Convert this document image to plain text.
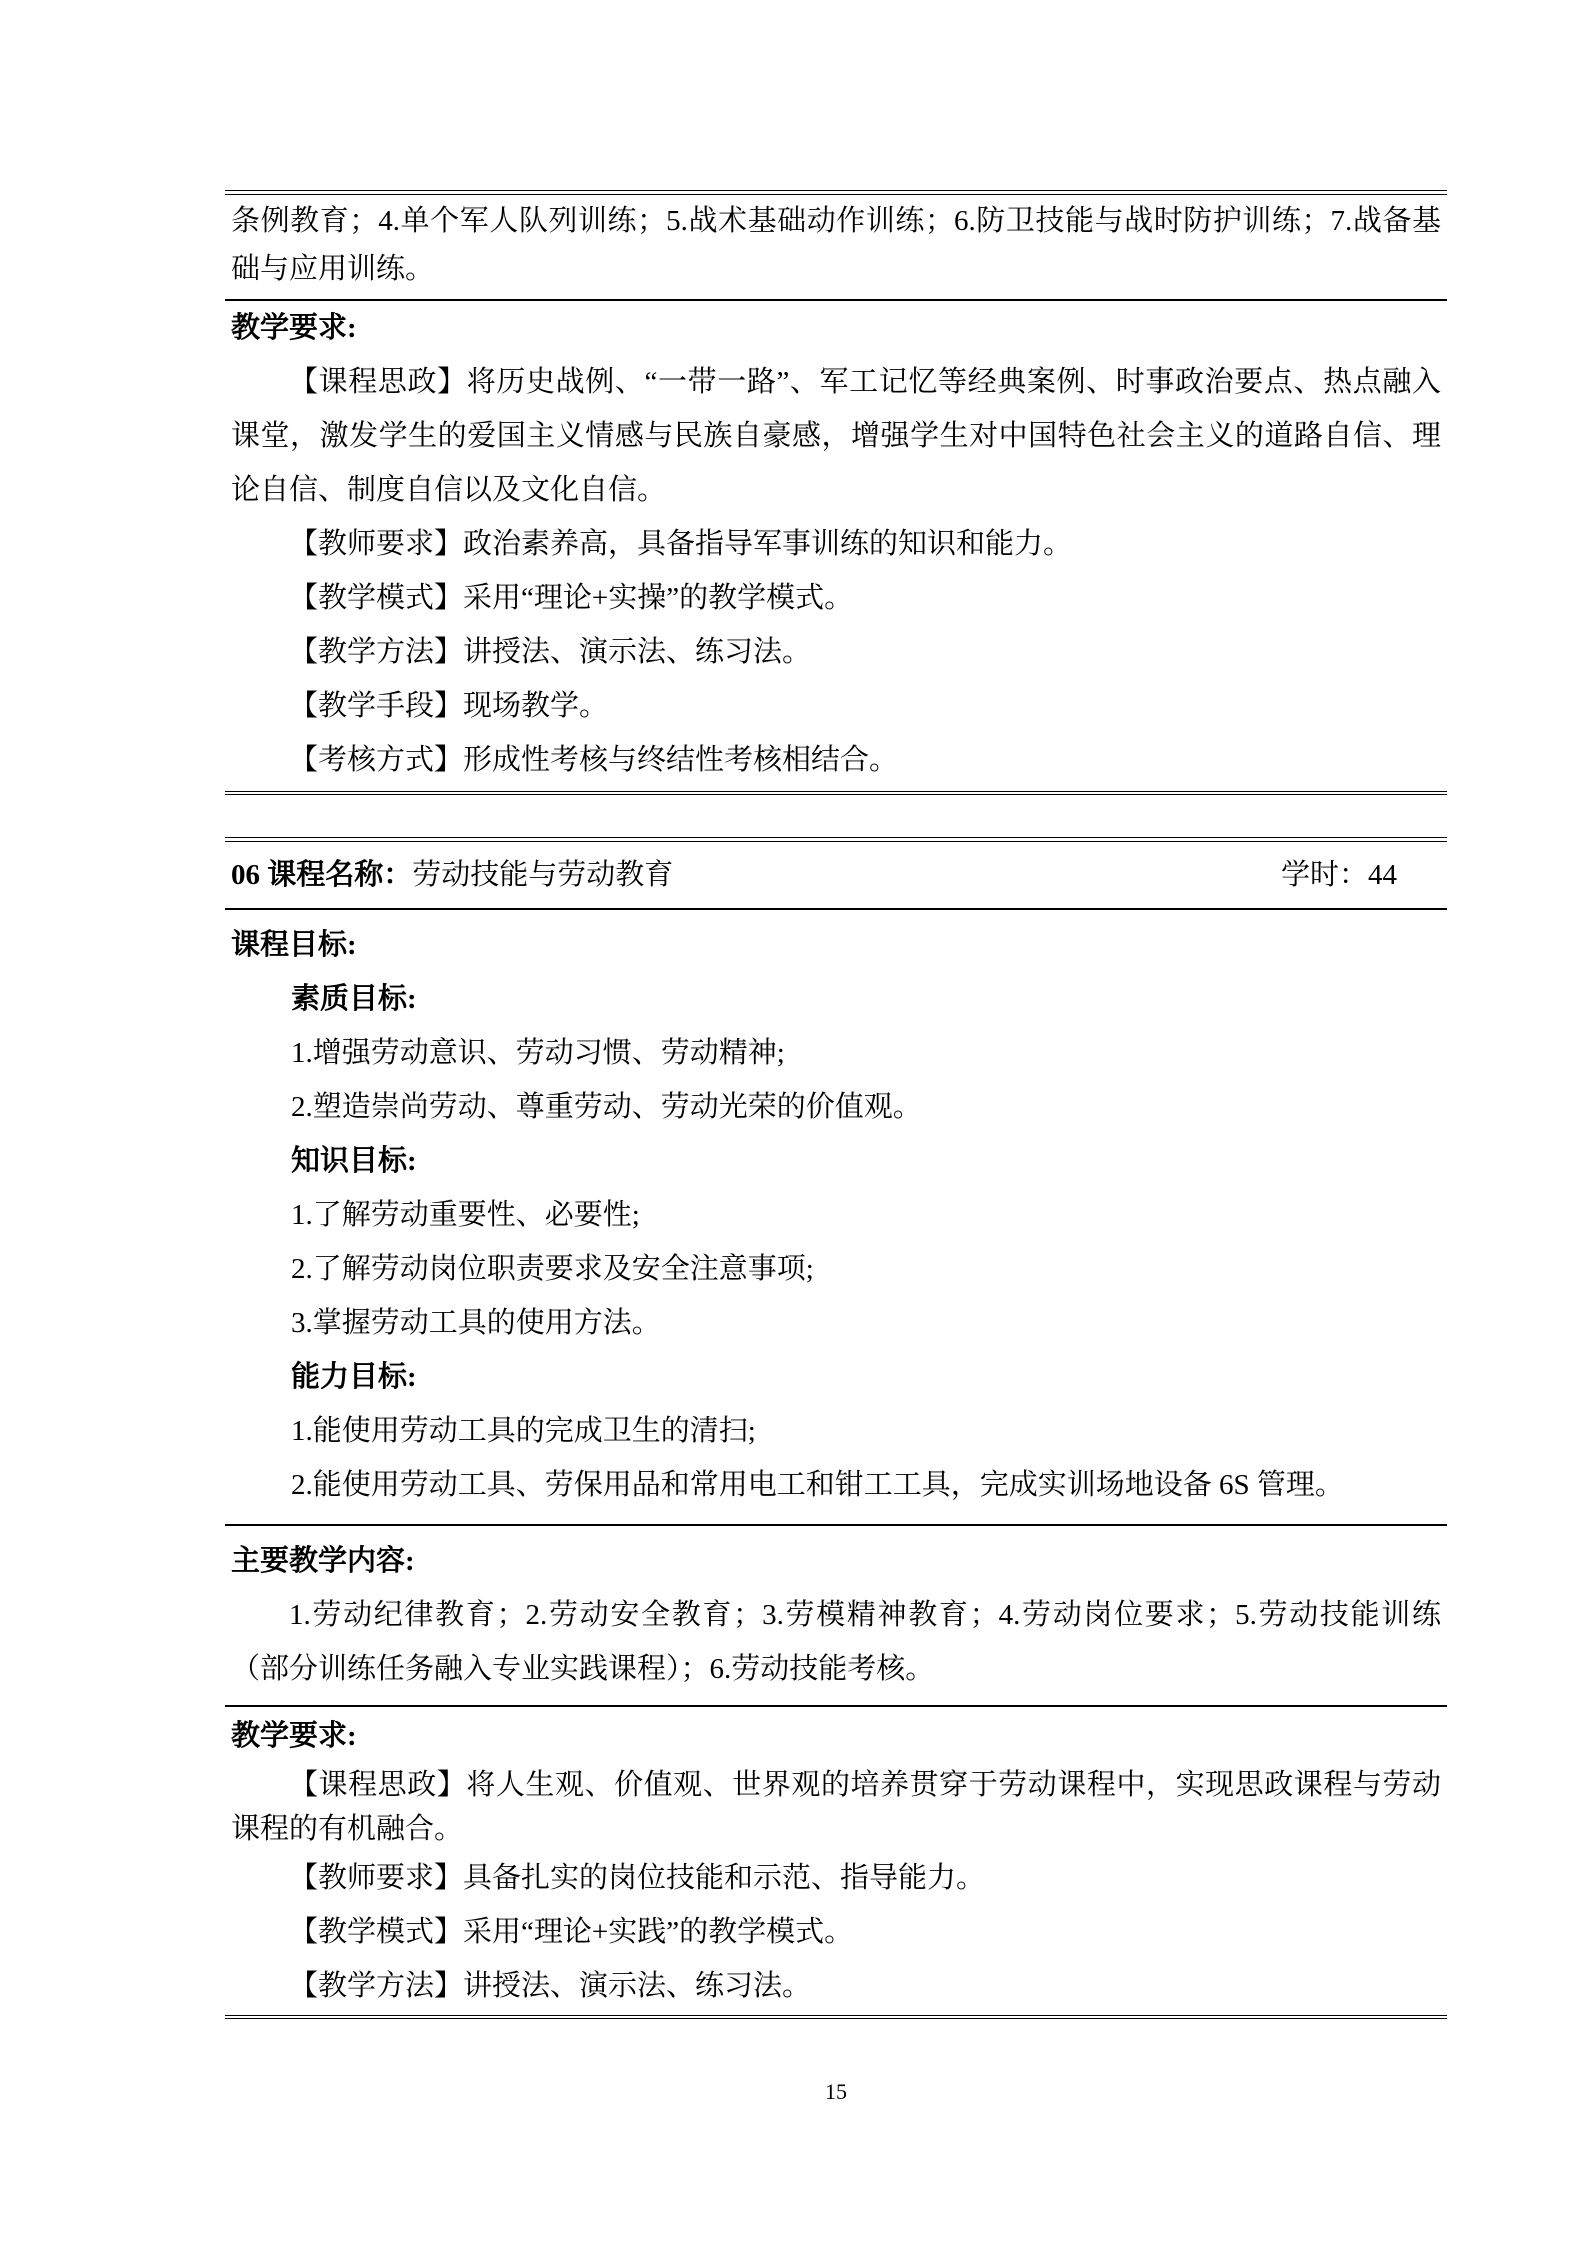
条例教育；4.单个军人队列训练；5.战术基础动作训练；6.防卫技能与战时防护训练；7.战备基础与应用训练。

教学要求:

【课程思政】将历史战例、“一带一路”、军工记忆等经典案例、时事政治要点、热点融入课堂，激发学生的爱国主义情感与民族自豪感，增强学生对中国特色社会主义的道路自信、理论自信、制度自信以及文化自信。

【教师要求】政治素养高，具备指导军事训练的知识和能力。

【教学模式】采用“理论+实操”的教学模式。

【教学方法】讲授法、演示法、练习法。

【教学手段】现场教学。

【考核方式】形成性考核与终结性考核相结合。

06 课程名称：劳动技能与劳动教育	学时：44

课程目标:

素质目标:

1.增强劳动意识、劳动习惯、劳动精神;

2.塑造崇尚劳动、尊重劳动、劳动光荣的价值观。

知识目标:

1.了解劳动重要性、必要性;

2.了解劳动岗位职责要求及安全注意事项;

3.掌握劳动工具的使用方法。

能力目标:

1.能使用劳动工具的完成卫生的清扫;

2.能使用劳动工具、劳保用品和常用电工和钳工工具，完成实训场地设备 6S 管理。

主要教学内容:

1.劳动纪律教育；2.劳动安全教育；3.劳模精神教育；4.劳动岗位要求；5.劳动技能训练（部分训练任务融入专业实践课程）；6.劳动技能考核。

教学要求:

【课程思政】将人生观、价值观、世界观的培养贯穿于劳动课程中，实现思政课程与劳动课程的有机融合。

【教师要求】具备扎实的岗位技能和示范、指导能力。

【教学模式】采用“理论+实践”的教学模式。

【教学方法】讲授法、演示法、练习法。

15
